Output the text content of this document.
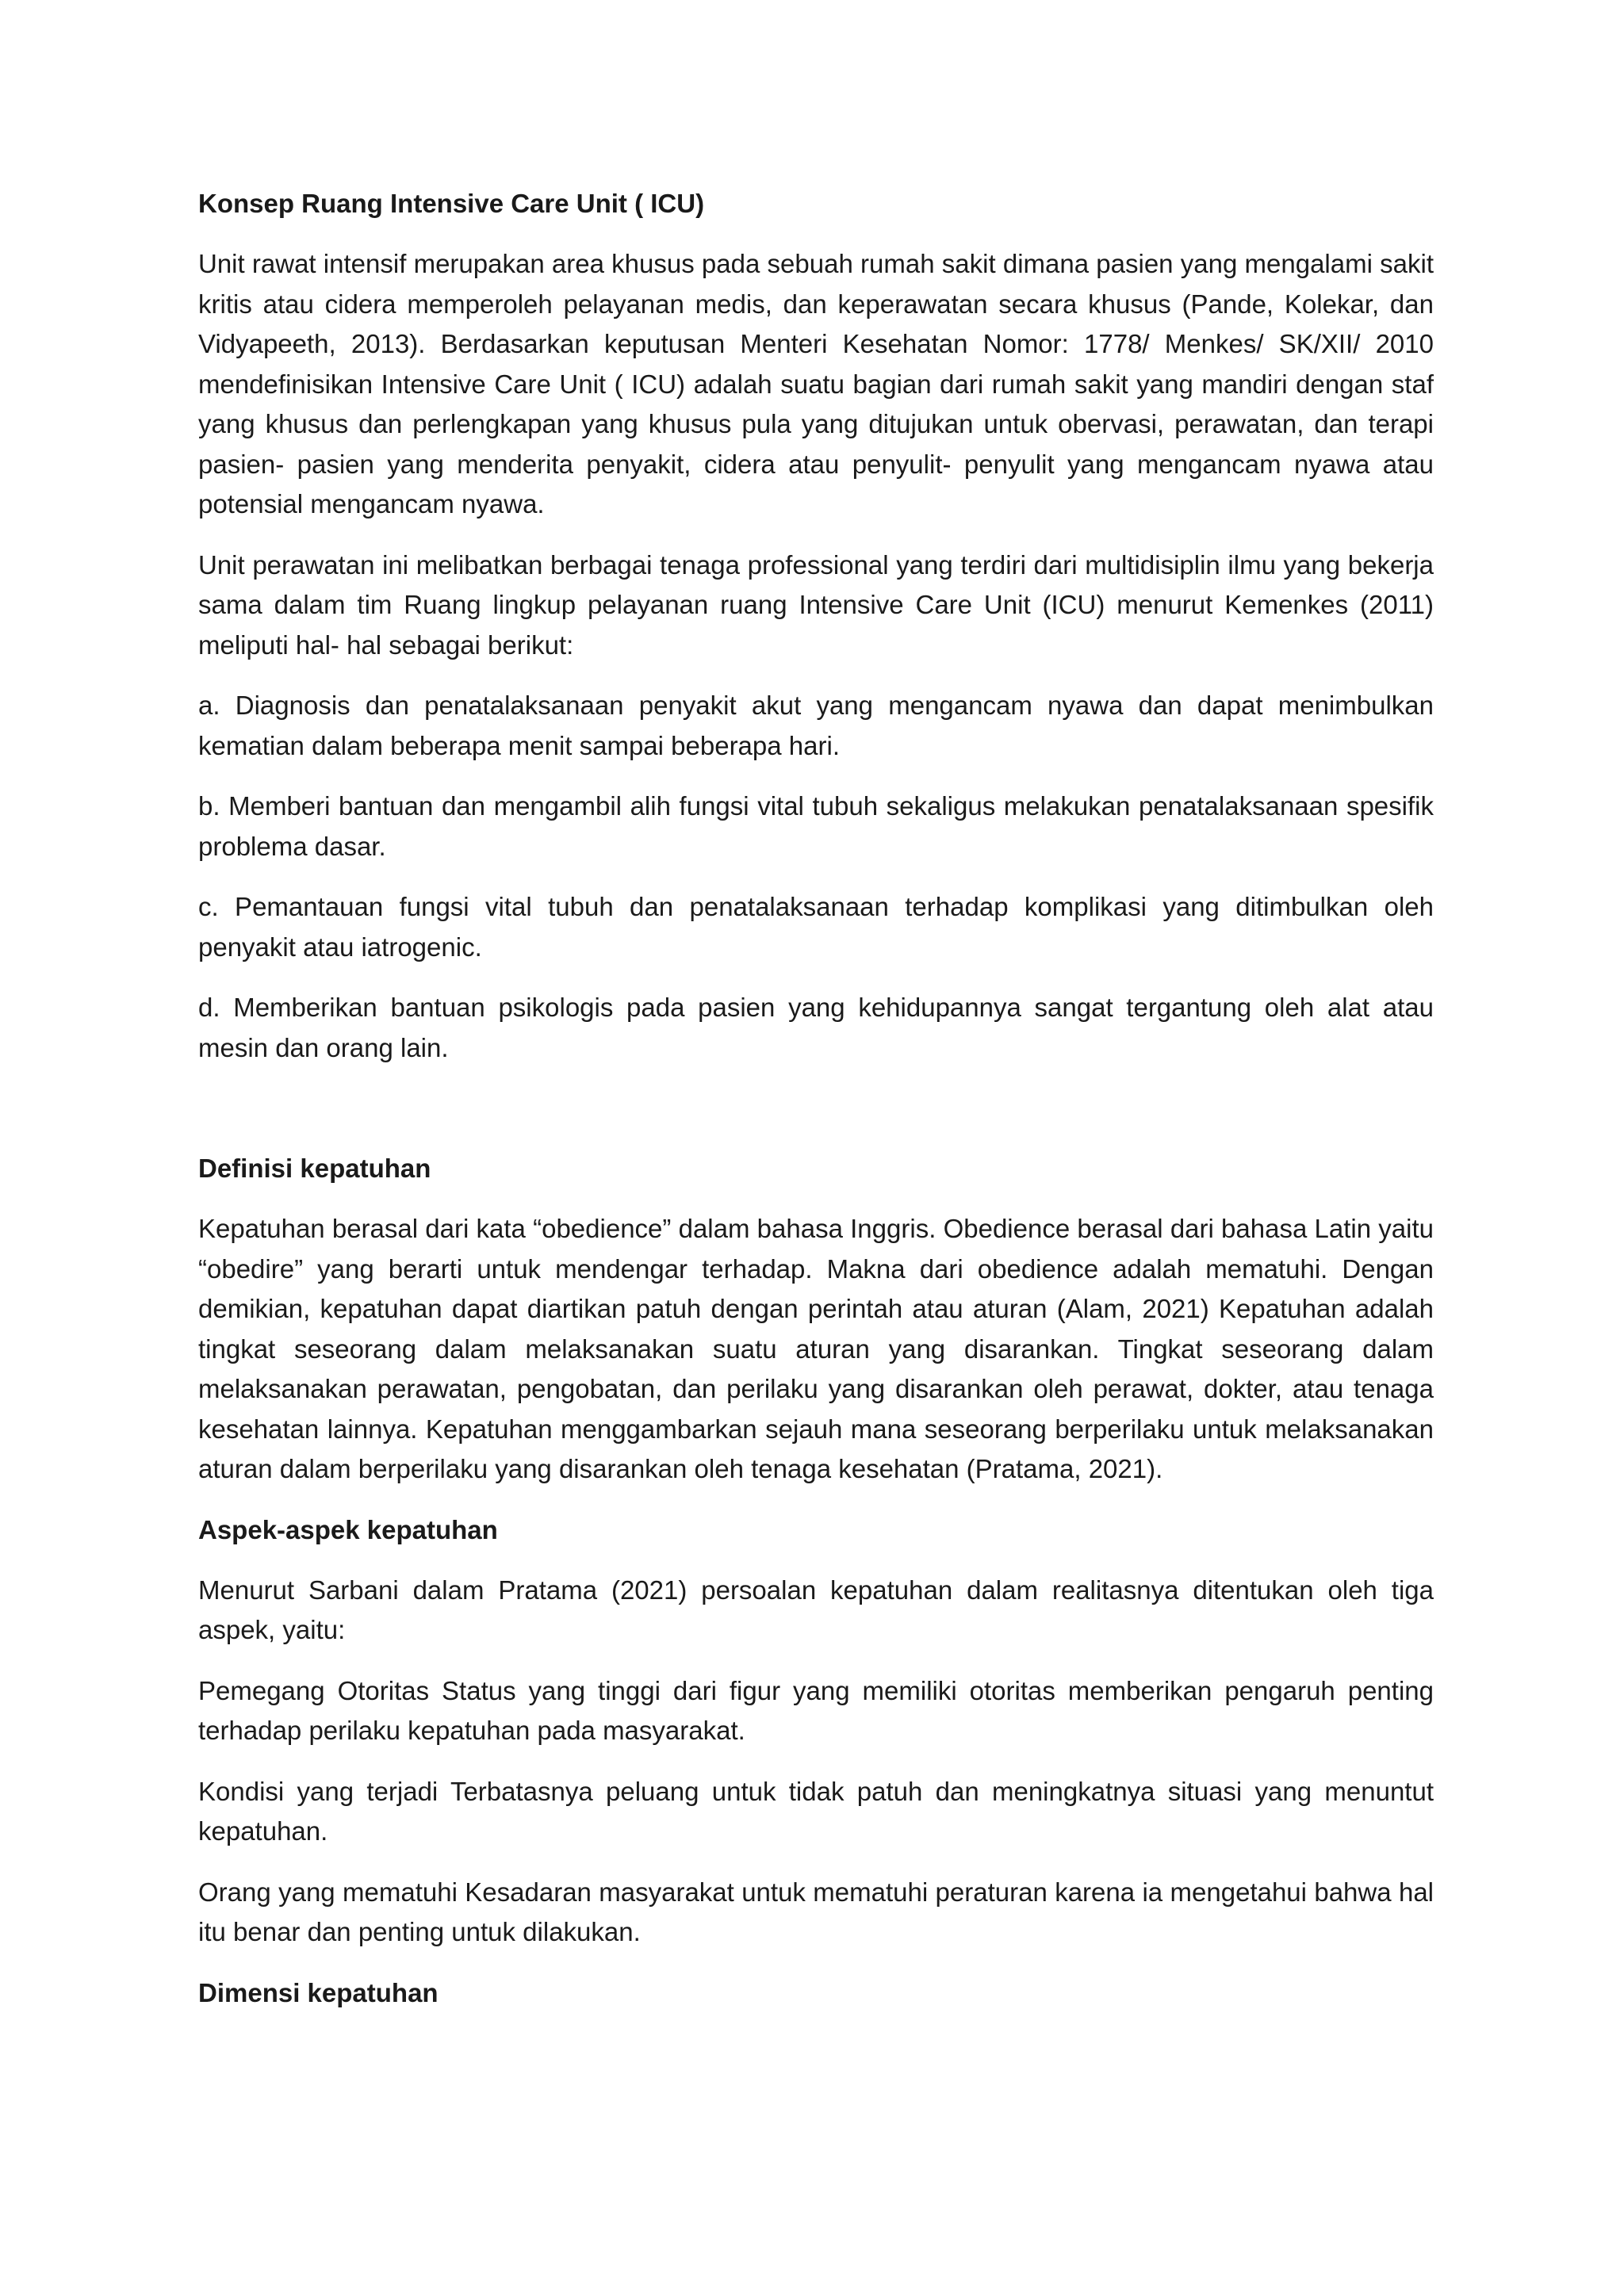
Konsep Ruang Intensive Care Unit ( ICU)

Unit rawat intensif merupakan area khusus pada sebuah rumah sakit dimana pasien yang mengalami sakit kritis atau cidera memperoleh pelayanan medis, dan keperawatan secara khusus (Pande, Kolekar, dan Vidyapeeth, 2013). Berdasarkan keputusan Menteri Kesehatan Nomor: 1778/ Menkes/ SK/XII/ 2010 mendefinisikan Intensive Care Unit ( ICU) adalah suatu bagian dari rumah sakit yang mandiri dengan staf yang khusus dan perlengkapan yang khusus pula yang ditujukan untuk obervasi, perawatan, dan terapi pasien- pasien yang menderita penyakit, cidera atau penyulit- penyulit yang mengancam nyawa atau potensial mengancam nyawa.

Unit perawatan ini melibatkan berbagai tenaga professional yang terdiri dari multidisiplin ilmu yang bekerja sama dalam tim Ruang lingkup pelayanan ruang Intensive Care Unit (ICU) menurut Kemenkes (2011) meliputi hal- hal sebagai berikut:

a. Diagnosis dan penatalaksanaan penyakit akut yang mengancam nyawa dan dapat menimbulkan kematian dalam beberapa menit sampai beberapa hari.

b. Memberi bantuan dan mengambil alih fungsi vital tubuh sekaligus melakukan penatalaksanaan spesifik problema dasar.

c. Pemantauan fungsi vital tubuh dan penatalaksanaan terhadap komplikasi yang ditimbulkan oleh penyakit atau iatrogenic.

d. Memberikan bantuan psikologis pada pasien yang kehidupannya sangat tergantung oleh alat atau mesin dan orang lain.

Definisi kepatuhan

Kepatuhan berasal dari kata “obedience” dalam bahasa Inggris. Obedience berasal dari bahasa Latin yaitu “obedire” yang berarti untuk mendengar terhadap. Makna dari obedience adalah mematuhi. Dengan demikian, kepatuhan dapat diartikan patuh dengan perintah atau aturan (Alam, 2021) Kepatuhan adalah tingkat seseorang dalam melaksanakan suatu aturan yang disarankan. Tingkat seseorang dalam melaksanakan perawatan, pengobatan, dan perilaku yang disarankan oleh perawat, dokter, atau tenaga kesehatan lainnya. Kepatuhan menggambarkan sejauh mana seseorang berperilaku untuk melaksanakan aturan dalam berperilaku yang disarankan oleh tenaga kesehatan (Pratama, 2021).

Aspek-aspek kepatuhan

Menurut Sarbani dalam Pratama (2021) persoalan kepatuhan dalam realitasnya ditentukan oleh tiga aspek, yaitu:

Pemegang Otoritas Status yang tinggi dari figur yang memiliki otoritas memberikan pengaruh penting terhadap perilaku kepatuhan pada masyarakat.

Kondisi yang terjadi Terbatasnya peluang untuk tidak patuh dan meningkatnya situasi yang menuntut kepatuhan.

Orang yang mematuhi Kesadaran masyarakat untuk mematuhi peraturan karena ia mengetahui bahwa hal itu benar dan penting untuk dilakukan.

Dimensi kepatuhan
